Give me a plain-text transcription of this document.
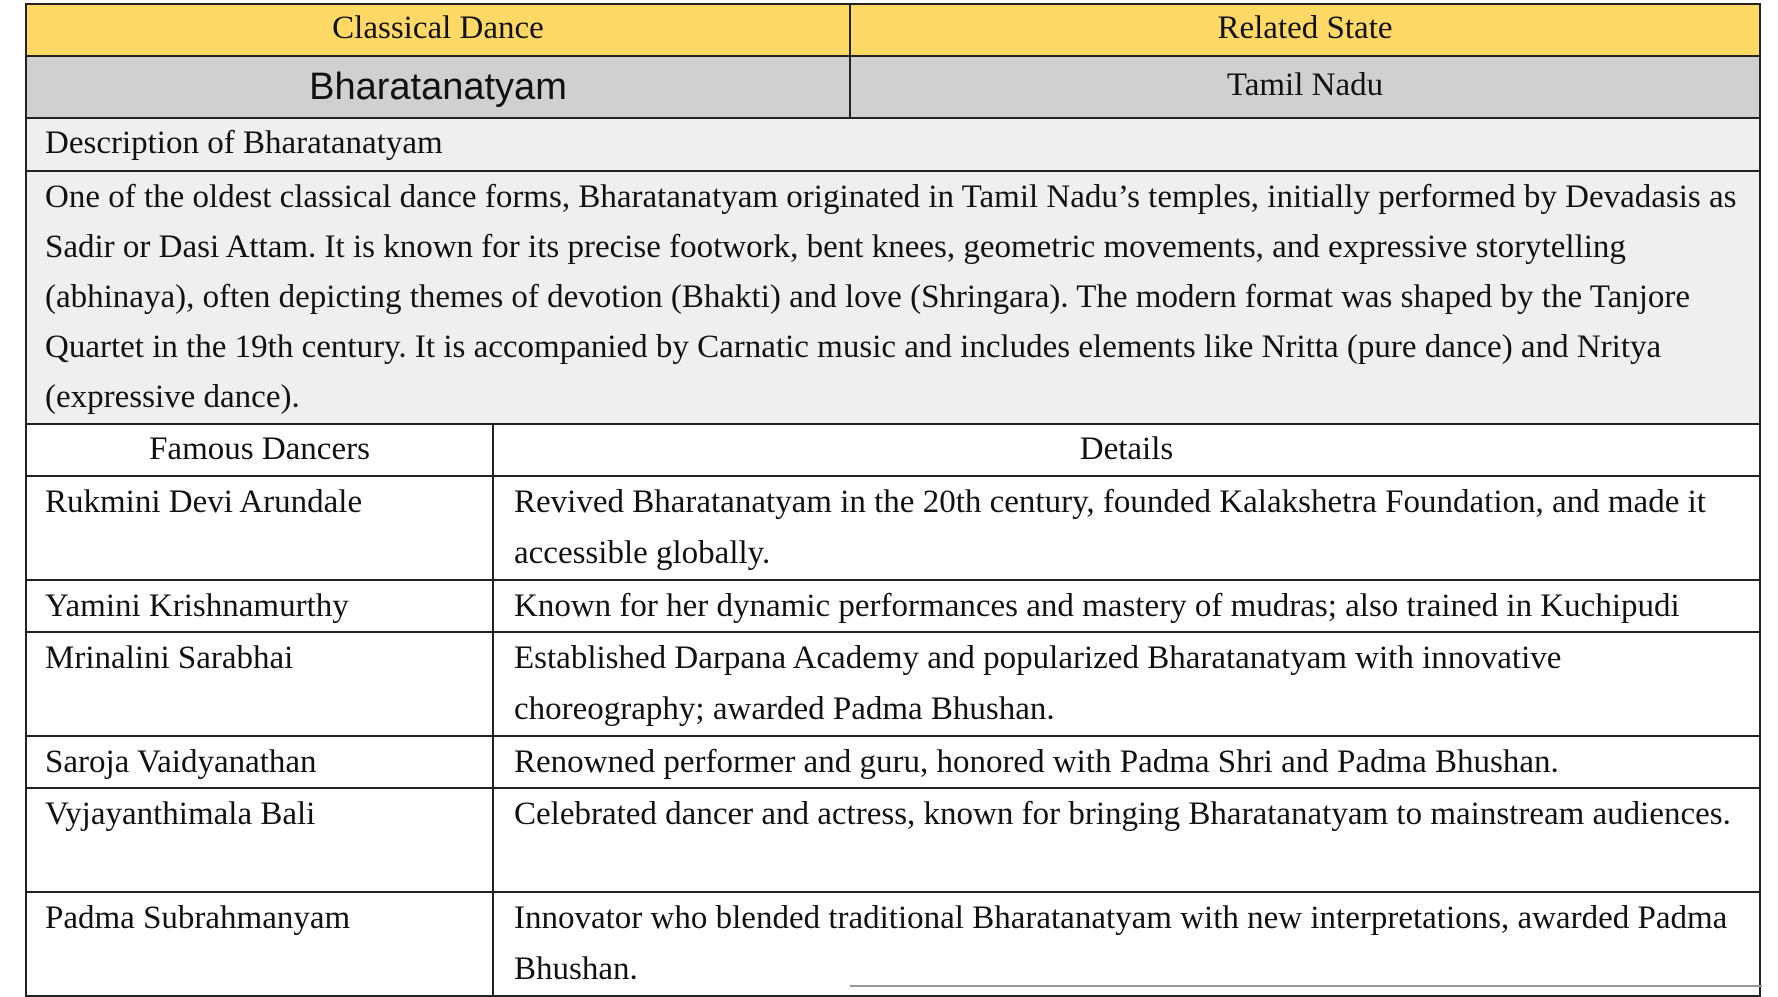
Classical Dance	Related State
Bharatanatyam	Tamil Nadu
Description of Bharatanatyam
One of the oldest classical dance forms, Bharatanatyam originated in Tamil Nadu’s temples, initially performed by Devadasis as Sadir or Dasi Attam. It is known for its precise footwork, bent knees, geometric movements, and expressive storytelling (abhinaya), often depicting themes of devotion (Bhakti) and love (Shringara). The modern format was shaped by the Tanjore Quartet in the 19th century. It is accompanied by Carnatic music and includes elements like Nritta (pure dance) and Nritya (expressive dance).
Famous Dancers	Details
Rukmini Devi Arundale	Revived Bharatanatyam in the 20th century, founded Kalakshetra Foundation, and made it accessible globally.
Yamini Krishnamurthy	Known for her dynamic performances and mastery of mudras; also trained in Kuchipudi
Mrinalini Sarabhai	Established Darpana Academy and popularized Bharatanatyam with innovative choreography; awarded Padma Bhushan.
Saroja Vaidyanathan	Renowned performer and guru, honored with Padma Shri and Padma Bhushan.
Vyjayanthimala Bali	Celebrated dancer and actress, known for bringing Bharatanatyam to mainstream audiences.
Padma Subrahmanyam	Innovator who blended traditional Bharatanatyam with new interpretations, awarded Padma Bhushan.
